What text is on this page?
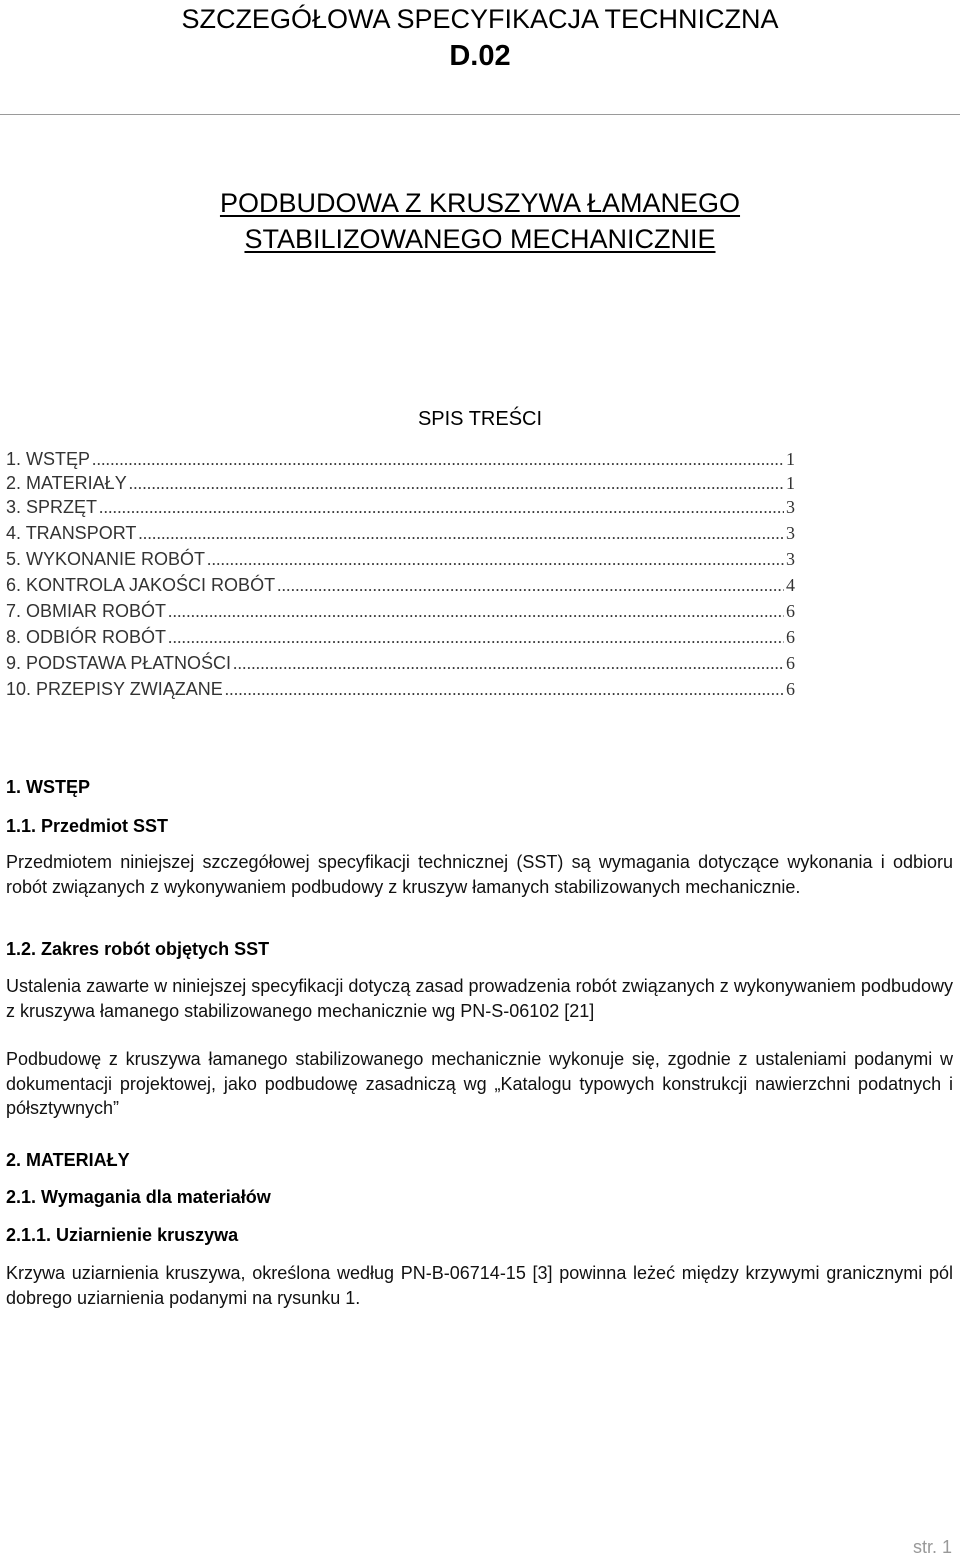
SZCZEGÓŁOWA SPECYFIKACJA TECHNICZNA
D.02
PODBUDOWA Z KRUSZYWA ŁAMANEGO
STABILIZOWANEGO MECHANICZNIE
SPIS TREŚCI
1. WSTĘP .....	1
2. MATERIAŁY .....	1
3. SPRZĘT .....	3
4. TRANSPORT .....	3
5. WYKONANIE ROBÓT .....	3
6. KONTROLA JAKOŚCI ROBÓT .....	4
7. OBMIAR ROBÓT .....	6
8. ODBIÓR ROBÓT .....	6
9. PODSTAWA PŁATNOŚCI .....	6
10. PRZEPISY ZWIĄZANE .....	6
1. WSTĘP
1.1. Przedmiot SST
Przedmiotem niniejszej szczegółowej specyfikacji technicznej (SST) są wymagania dotyczące wykonania i odbioru robót związanych z wykonywaniem podbudowy z kruszyw łamanych stabilizowanych mechanicznie.
1.2. Zakres robót objętych SST
Ustalenia zawarte w niniejszej specyfikacji dotyczą zasad prowadzenia robót związanych z wykonywaniem podbudowy z kruszywa łamanego stabilizowanego mechanicznie wg PN-S-06102 [21]
Podbudowę z kruszywa łamanego stabilizowanego mechanicznie wykonuje się, zgodnie z ustaleniami podanymi w dokumentacji projektowej, jako podbudowę zasadniczą wg „Katalogu typowych konstrukcji nawierzchni podatnych i półsztywnych”
2. MATERIAŁY
2.1. Wymagania dla materiałów
2.1.1. Uziarnienie kruszywa
Krzywa uziarnienia kruszywa, określona według PN-B-06714-15 [3] powinna leżeć między krzywymi granicznymi pól dobrego uziarnienia podanymi na rysunku 1.
str. 1
